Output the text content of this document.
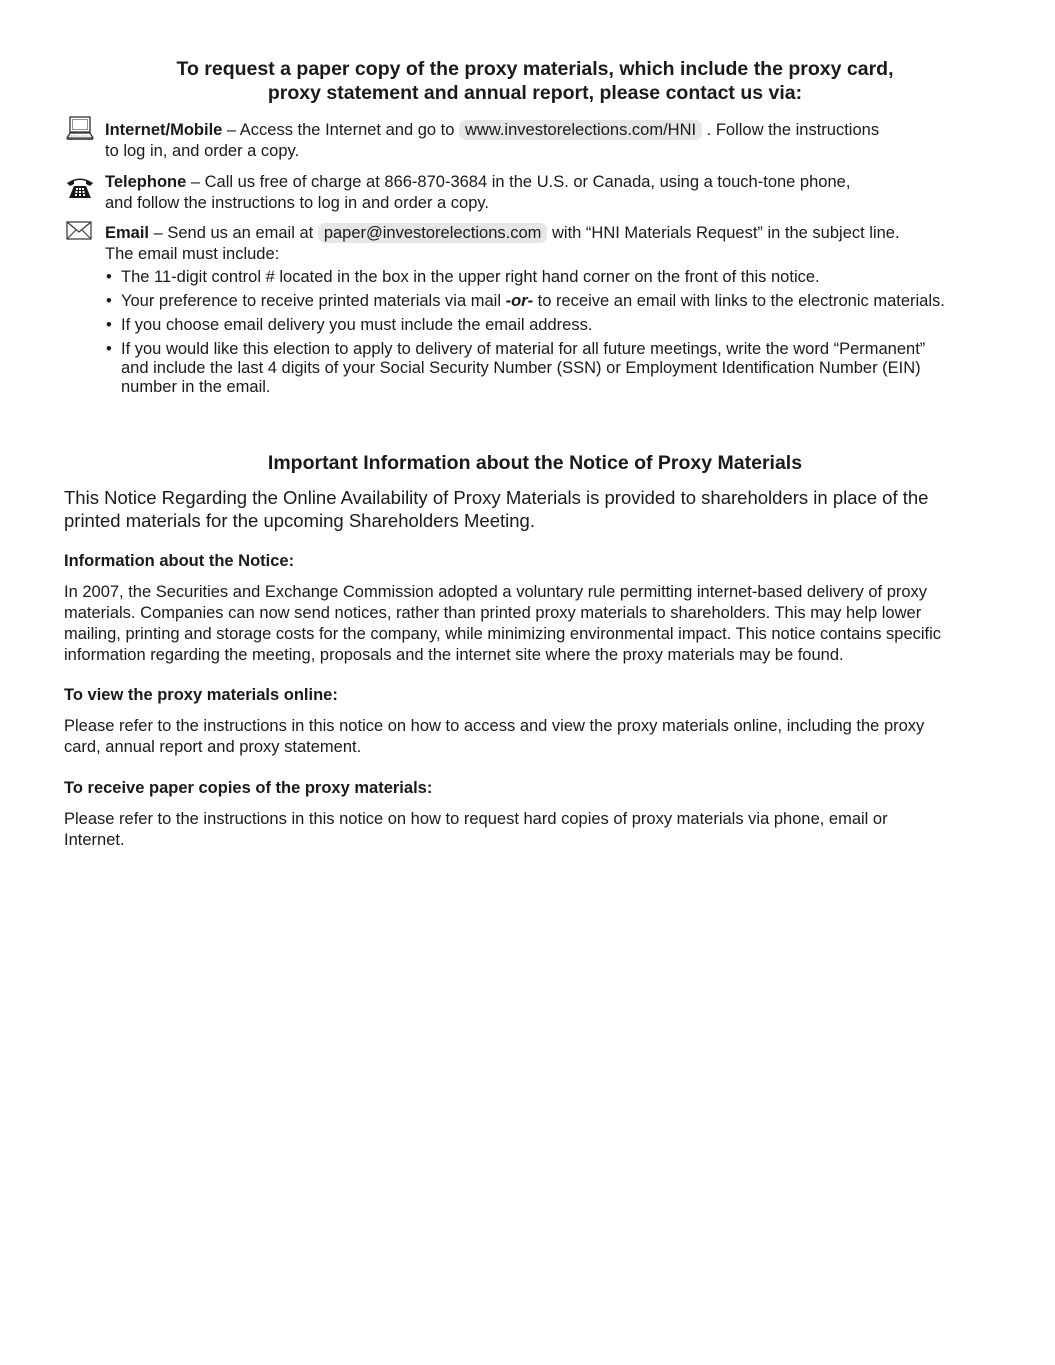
To request a paper copy of the proxy materials, which include the proxy card,
proxy statement and annual report, please contact us via:
Internet/Mobile – Access the Internet and go to www.investorelections.com/HNI . Follow the instructions
to log in, and order a copy.
Telephone – Call us free of charge at 866-870-3684 in the U.S. or Canada, using a touch-tone phone,
and follow the instructions to log in and order a copy.
Email – Send us an email at paper@investorelections.com with “HNI Materials Request” in the subject line.
The email must include:
• The 11-digit control # located in the box in the upper right hand corner on the front of this notice.
• Your preference to receive printed materials via mail -or- to receive an email with links to the electronic materials.
• If you choose email delivery you must include the email address.
• If you would like this election to apply to delivery of material for all future meetings, write the word “Permanent”
and include the last 4 digits of your Social Security Number (SSN) or Employment Identification Number (EIN)
number in the email.
Important Information about the Notice of Proxy Materials
This Notice Regarding the Online Availability of Proxy Materials is provided to shareholders in place of the
printed materials for the upcoming Shareholders Meeting.
Information about the Notice:
In 2007, the Securities and Exchange Commission adopted a voluntary rule permitting internet-based delivery of proxy
materials. Companies can now send notices, rather than printed proxy materials to shareholders. This may help lower
mailing, printing and storage costs for the company, while minimizing environmental impact. This notice contains specific
information regarding the meeting, proposals and the internet site where the proxy materials may be found.
To view the proxy materials online:
Please refer to the instructions in this notice on how to access and view the proxy materials online, including the proxy
card, annual report and proxy statement.
To receive paper copies of the proxy materials:
Please refer to the instructions in this notice on how to request hard copies of proxy materials via phone, email or
Internet.
